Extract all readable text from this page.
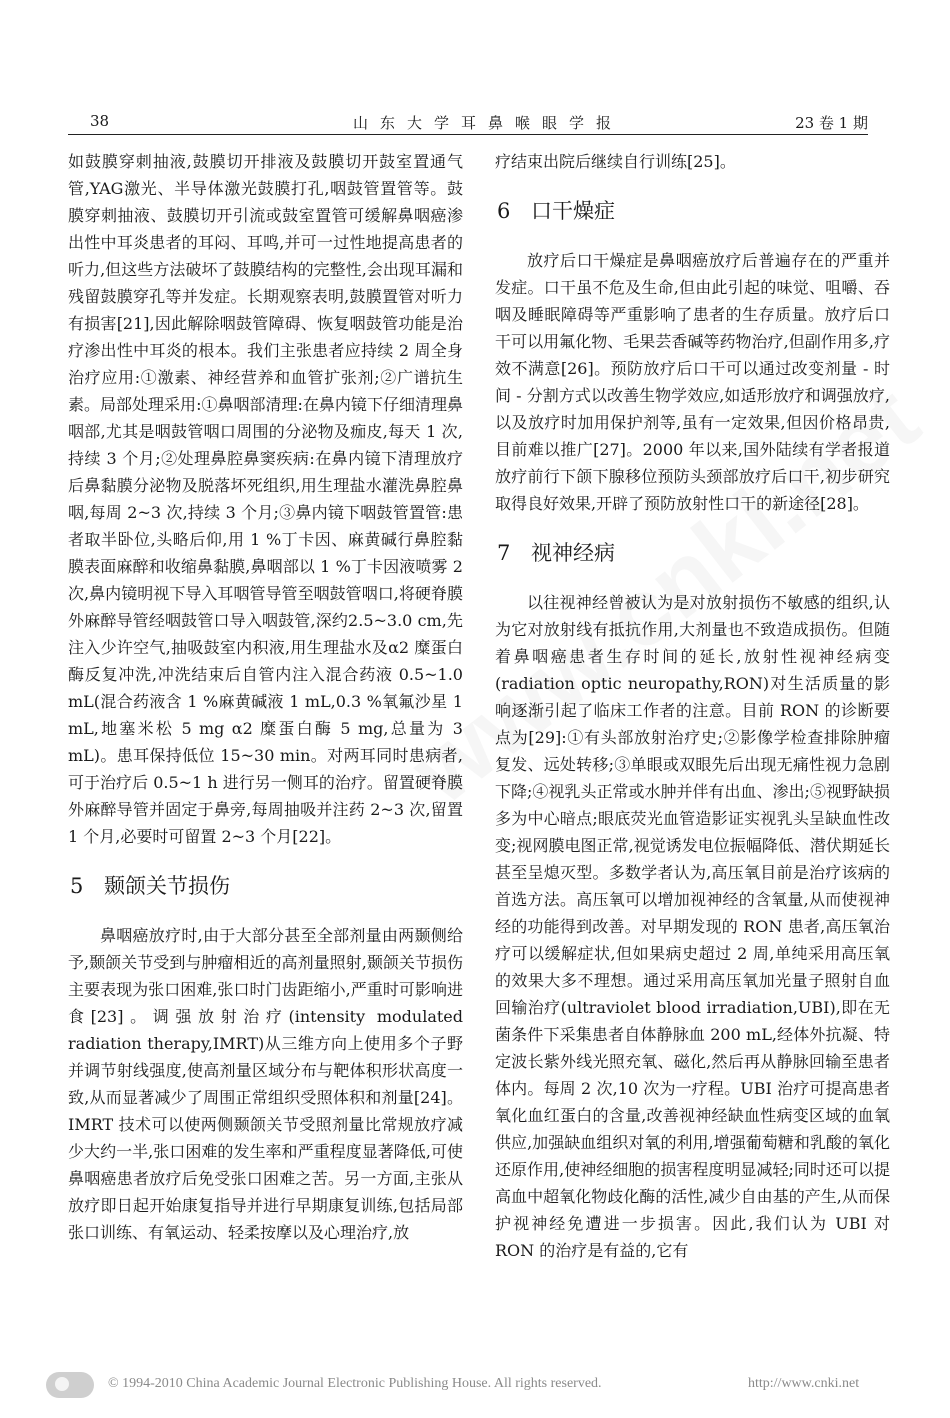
38	山东大学耳鼻喉眼学报	23 卷 1 期

如鼓膜穿刺抽液,鼓膜切开排液及鼓膜切开鼓室置通气管,YAG激光、半导体激光鼓膜打孔,咽鼓管置管等。鼓膜穿刺抽液、鼓膜切开引流或鼓室置管可缓解鼻咽癌渗出性中耳炎患者的耳闷、耳鸣,并可一过性地提高患者的听力,但这些方法破坏了鼓膜结构的完整性,会出现耳漏和残留鼓膜穿孔等并发症。长期观察表明,鼓膜置管对听力有损害[21],因此解除咽鼓管障碍、恢复咽鼓管功能是治疗渗出性中耳炎的根本。我们主张患者应持续 2 周全身治疗应用:①激素、神经营养和血管扩张剂;②广谱抗生素。局部处理采用:①鼻咽部清理:在鼻内镜下仔细清理鼻咽部,尤其是咽鼓管咽口周围的分泌物及痂皮,每天 1 次,持续 3 个月;②处理鼻腔鼻窦疾病:在鼻内镜下清理放疗后鼻黏膜分泌物及脱落坏死组织,用生理盐水灌洗鼻腔鼻咽,每周 2~3 次,持续 3 个月;③鼻内镜下咽鼓管置管:患者取半卧位,头略后仰,用 1 %丁卡因、麻黄碱行鼻腔黏膜表面麻醉和收缩鼻黏膜,鼻咽部以 1 %丁卡因液喷雾 2 次,鼻内镜明视下导入耳咽管导管至咽鼓管咽口,将硬脊膜外麻醉导管经咽鼓管口导入咽鼓管,深约2.5~3.0 cm,先注入少许空气,抽吸鼓室内积液,用生理盐水及α2 糜蛋白酶反复冲洗,冲洗结束后自管内注入混合药液 0.5~1.0 mL(混合药液含 1 %麻黄碱液 1 mL,0.3 %氧氟沙星 1 mL,地塞米松 5 mg α2 糜蛋白酶 5 mg,总量为 3 mL)。患耳保持低位 15~30 min。对两耳同时患病者,可于治疗后 0.5~1 h 进行另一侧耳的治疗。留置硬脊膜外麻醉导管并固定于鼻旁,每周抽吸并注药 2~3 次,留置 1 个月,必要时可留置 2~3 个月[22]。

5 颞颌关节损伤

鼻咽癌放疗时,由于大部分甚至全部剂量由两颞侧给予,颞颌关节受到与肿瘤相近的高剂量照射,颞颌关节损伤主要表现为张口困难,张口时门齿距缩小,严重时可影响进食[23]。调强放射治疗(intensity modulated radiation therapy,IMRT)从三维方向上使用多个子野并调节射线强度,使高剂量区域分布与靶体积形状高度一致,从而显著减少了周围正常组织受照体积和剂量[24]。IMRT 技术可以使两侧颞颌关节受照剂量比常规放疗减少大约一半,张口困难的发生率和严重程度显著降低,可使鼻咽癌患者放疗后免受张口困难之苦。另一方面,主张从放疗即日起开始康复指导并进行早期康复训练,包括局部张口训练、有氧运动、轻柔按摩以及心理治疗,放

疗结束出院后继续自行训练[25]。

6 口干燥症

放疗后口干燥症是鼻咽癌放疗后普遍存在的严重并发症。口干虽不危及生命,但由此引起的味觉、咀嚼、吞咽及睡眠障碍等严重影响了患者的生存质量。放疗后口干可以用氟化物、毛果芸香碱等药物治疗,但副作用多,疗效不满意[26]。预防放疗后口干可以通过改变剂量 - 时间 - 分割方式以改善生物学效应,如适形放疗和调强放疗,以及放疗时加用保护剂等,虽有一定效果,但因价格昂贵,目前难以推广[27]。2000 年以来,国外陆续有学者报道放疗前行下颌下腺移位预防头颈部放疗后口干,初步研究取得良好效果,开辟了预防放射性口干的新途径[28]。

7 视神经病

以往视神经曾被认为是对放射损伤不敏感的组织,认为它对放射线有抵抗作用,大剂量也不致造成损伤。但随着鼻咽癌患者生存时间的延长,放射性视神经病变(radiation optic neuropathy,RON)对生活质量的影响逐渐引起了临床工作者的注意。目前 RON 的诊断要点为[29]:①有头部放射治疗史;②影像学检查排除肿瘤复发、远处转移;③单眼或双眼先后出现无痛性视力急剧下降;④视乳头正常或水肿并伴有出血、渗出;⑤视野缺损多为中心暗点;眼底荧光血管造影证实视乳头呈缺血性改变;视网膜电图正常,视觉诱发电位振幅降低、潜伏期延长甚至呈熄灭型。多数学者认为,高压氧目前是治疗该病的首选方法。高压氧可以增加视神经的含氧量,从而使视神经的功能得到改善。对早期发现的 RON 患者,高压氧治疗可以缓解症状,但如果病史超过 2 周,单纯采用高压氧的效果大多不理想。通过采用高压氧加光量子照射自血回输治疗(ultraviolet blood irradiation,UBI),即在无菌条件下采集患者自体静脉血 200 mL,经体外抗凝、特定波长紫外线光照充氧、磁化,然后再从静脉回输至患者体内。每周 2 次,10 次为一疗程。UBI 治疗可提高患者氧化血红蛋白的含量,改善视神经缺血性病变区域的血氧供应,加强缺血组织对氧的利用,增强葡萄糖和乳酸的氧化还原作用,使神经细胞的损害程度明显减轻;同时还可以提高血中超氧化物歧化酶的活性,减少自由基的产生,从而保护视神经免遭进一步损害。因此,我们认为 UBI 对 RON 的治疗是有益的,它有

© 1994-2010 China Academic Journal Electronic Publishing House. All rights reserved.	http://www.cnki.net
